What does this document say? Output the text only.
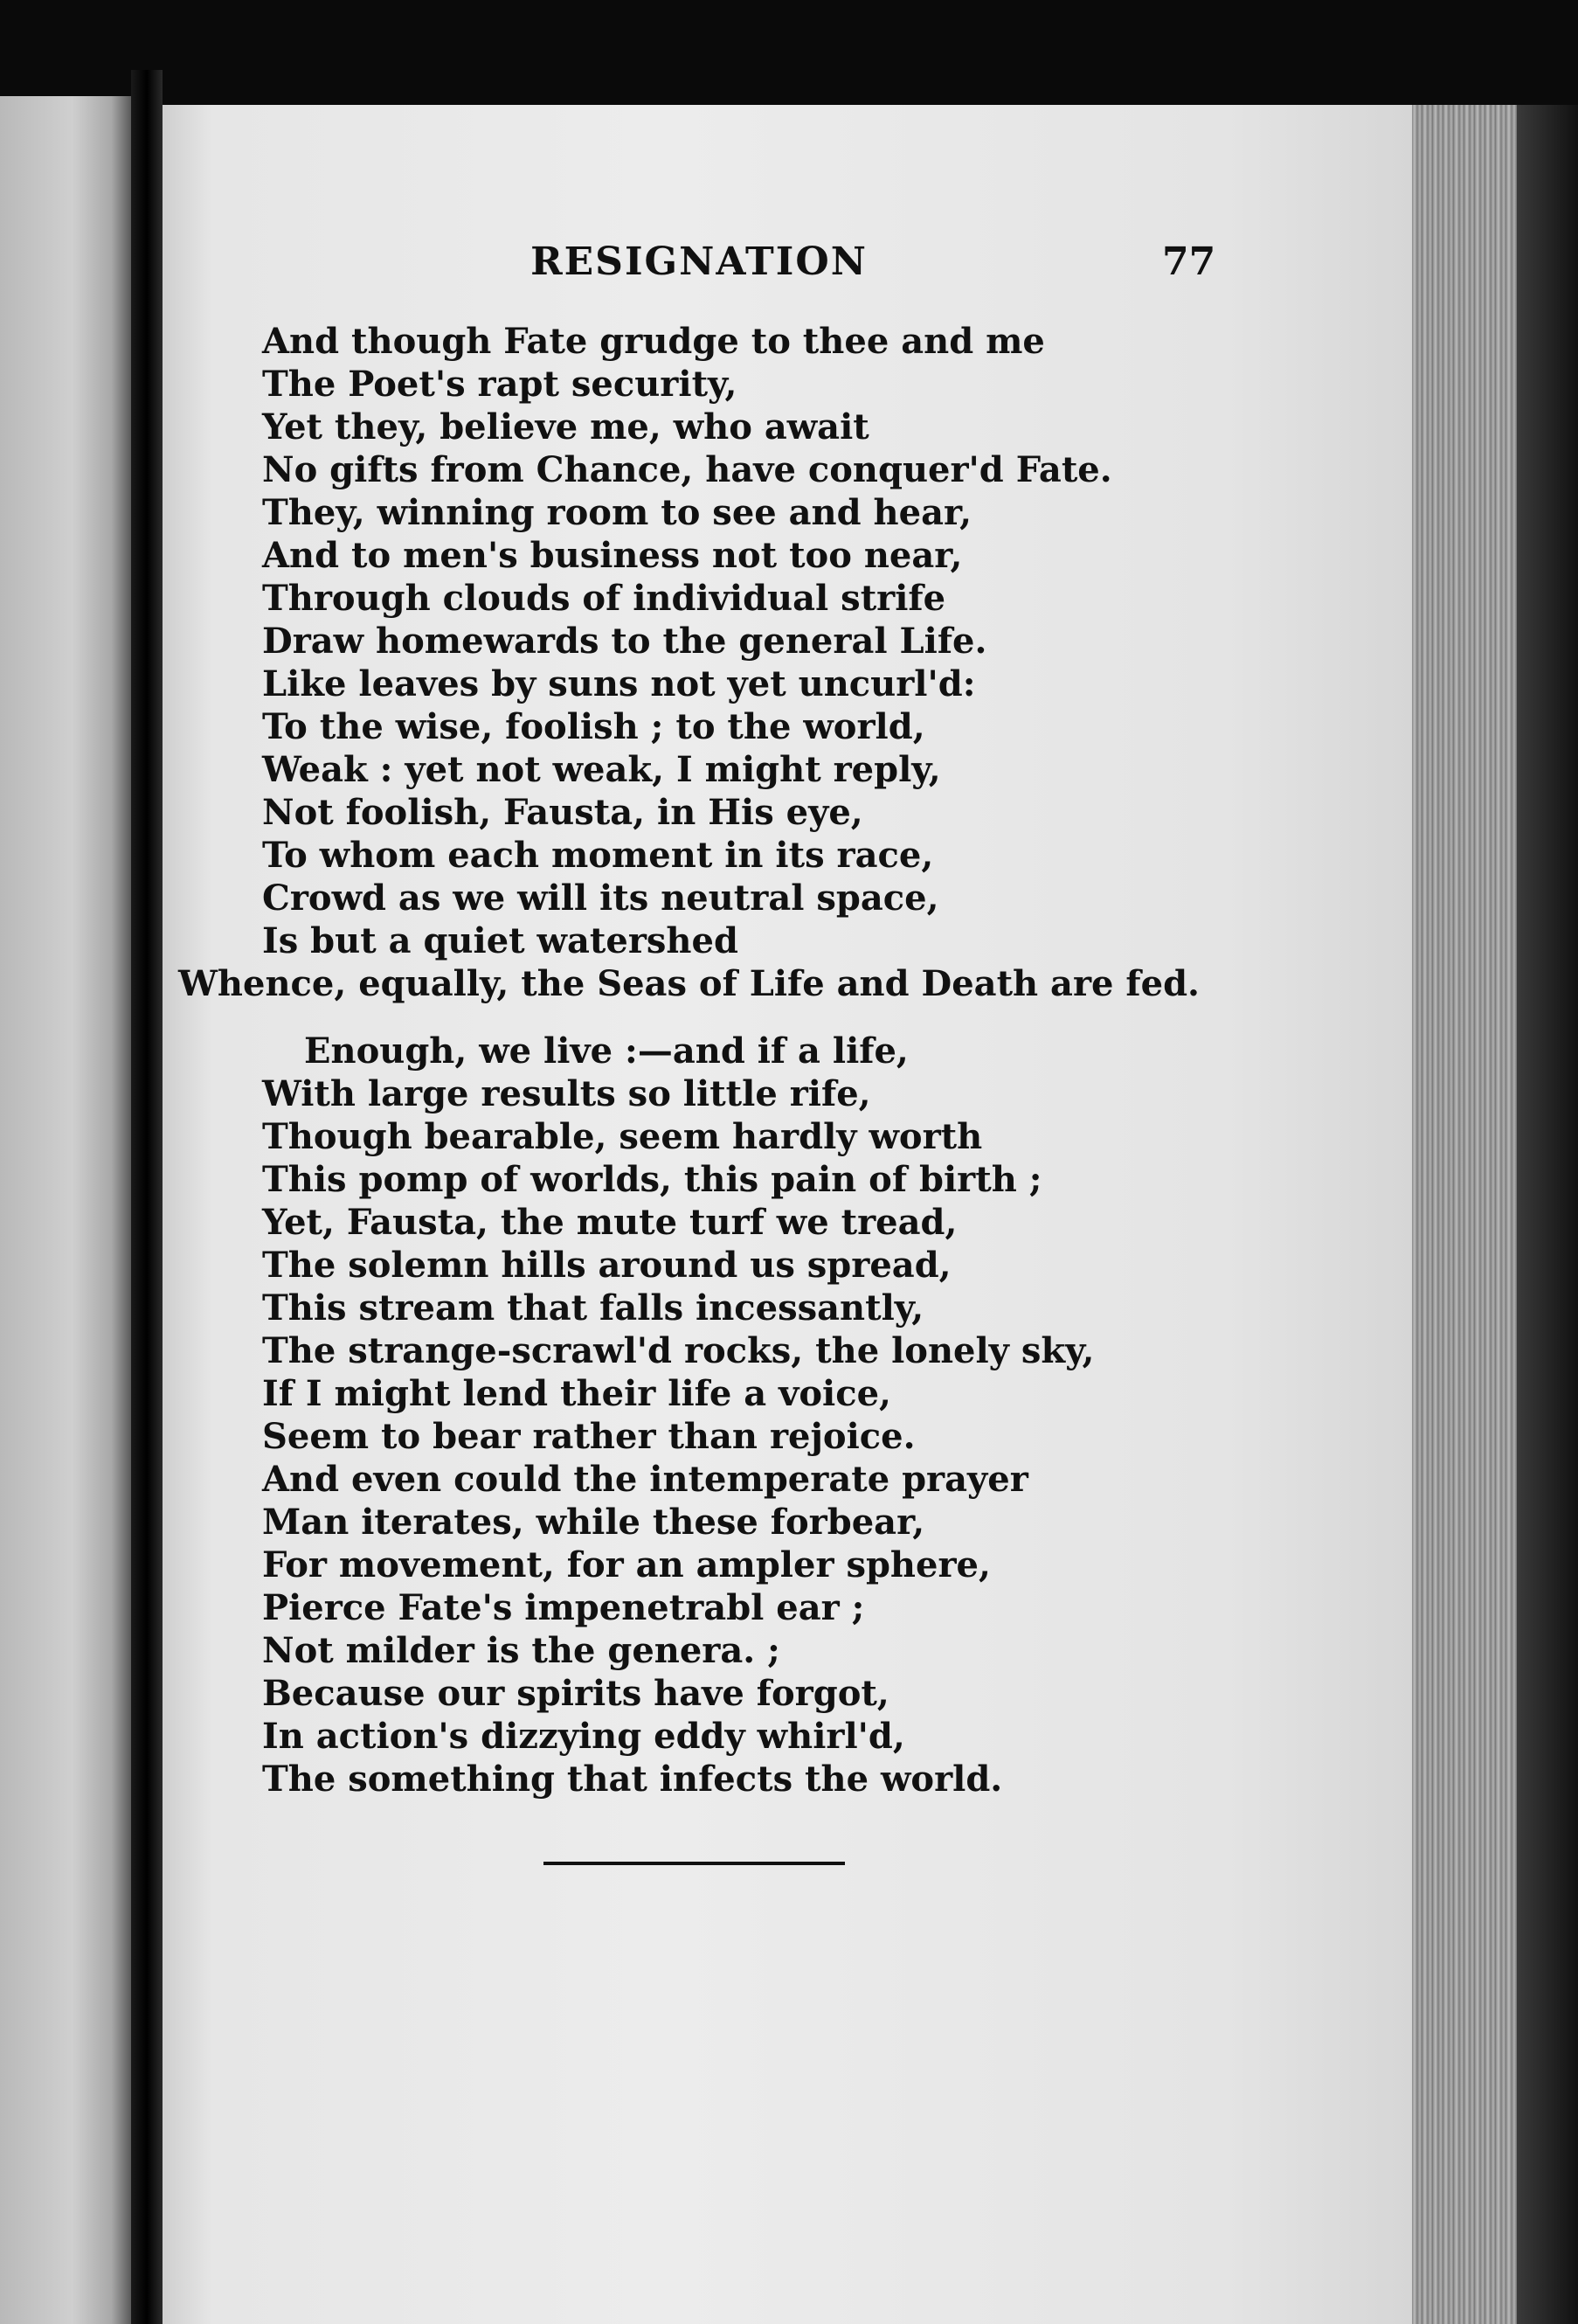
RESIGNATION	77
And though Fate grudge to thee and me
The Poet's rapt security,
Yet they, believe me, who await
No gifts from Chance, have conquer'd Fate.
They, winning room to see and hear,
And to men's business not too near,
Through clouds of individual strife
Draw homewards to the general Life.
Like leaves by suns not yet uncurl'd:
To the wise, foolish ; to the world,
Weak : yet not weak, I might reply,
Not foolish, Fausta, in His eye,
To whom each moment in its race,
Crowd as we will its neutral space,
Is but a quiet watershed
Whence, equally, the Seas of Life and Death are fed.
Enough, we live :—and if a life,
With large results so little rife,
Though bearable, seem hardly worth
This pomp of worlds, this pain of birth ;
Yet, Fausta, the mute turf we tread,
The solemn hills around us spread,
This stream that falls incessantly,
The strange-scrawl'd rocks, the lonely sky,
If I might lend their life a voice,
Seem to bear rather than rejoice.
And even could the intemperate prayer
Man iterates, while these forbear,
For movement, for an ampler sphere,
Pierce Fate's impenetrabl ear ;
Not milder is the genera. ;
Because our spirits have forgot,
In action's dizzying eddy whirl'd,
The something that infects the world.
